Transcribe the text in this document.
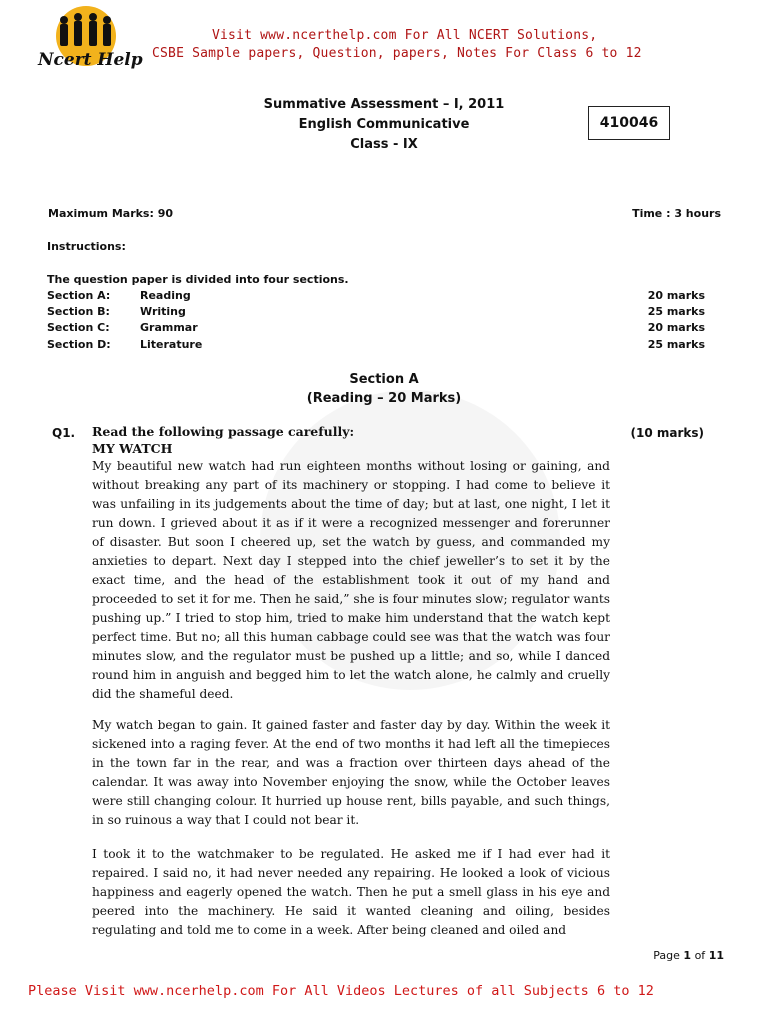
Ncert Help
Visit www.ncerthelp.com For All NCERT Solutions,
CSBE Sample papers, Question, papers, Notes For Class 6 to 12
Summative Assessment – I, 2011
English Communicative
Class - IX
410046
Maximum Marks: 90	Time : 3 hours
Instructions:
The question paper is divided into four sections.
Section A:	Reading	20 marks
Section B:	Writing	25 marks
Section C:	Grammar	20 marks
Section D:	Literature	25 marks
Section A
(Reading – 20 Marks)
Q1. Read the following passage carefully:	(10 marks)
MY WATCH

My beautiful new watch had run eighteen months without losing or gaining, and without breaking any part of its machinery or stopping. I had come to believe it was unfailing in its judgements about the time of day; but at last, one night, I let it run down. I grieved about it as if it were a recognized messenger and forerunner of disaster. But soon I cheered up, set the watch by guess, and commanded my anxieties to depart. Next day I stepped into the chief jeweller’s to set it by the exact time, and the head of the establishment took it out of my hand and proceeded to set it for me. Then he said,” she is four minutes slow; regulator wants pushing up.” I tried to stop him, tried to make him understand that the watch kept perfect time. But no; all this human cabbage could see was that the watch was four minutes slow, and the regulator must be pushed up a little; and so, while I danced round him in anguish and begged him to let the watch alone, he calmly and cruelly did the shameful deed.

My watch began to gain. It gained faster and faster day by day. Within the week it sickened into a raging fever. At the end of two months it had left all the timepieces in the town far in the rear, and was a fraction over thirteen days ahead of the calendar. It was away into November enjoying the snow, while the October leaves were still changing colour. It hurried up house rent, bills payable, and such things, in so ruinous a way that I could not bear it.

I took it to the watchmaker to be regulated. He asked me if I had ever had it repaired. I said no, it had never needed any repairing. He looked a look of vicious happiness and eagerly opened the watch. Then he put a smell glass in his eye and peered into the machinery. He said it wanted cleaning and oiling, besides regulating and told me to come in a week. After being cleaned and oiled and

Page 1 of 11
Please Visit www.ncerhelp.com For All Videos Lectures of all Subjects 6 to 12
